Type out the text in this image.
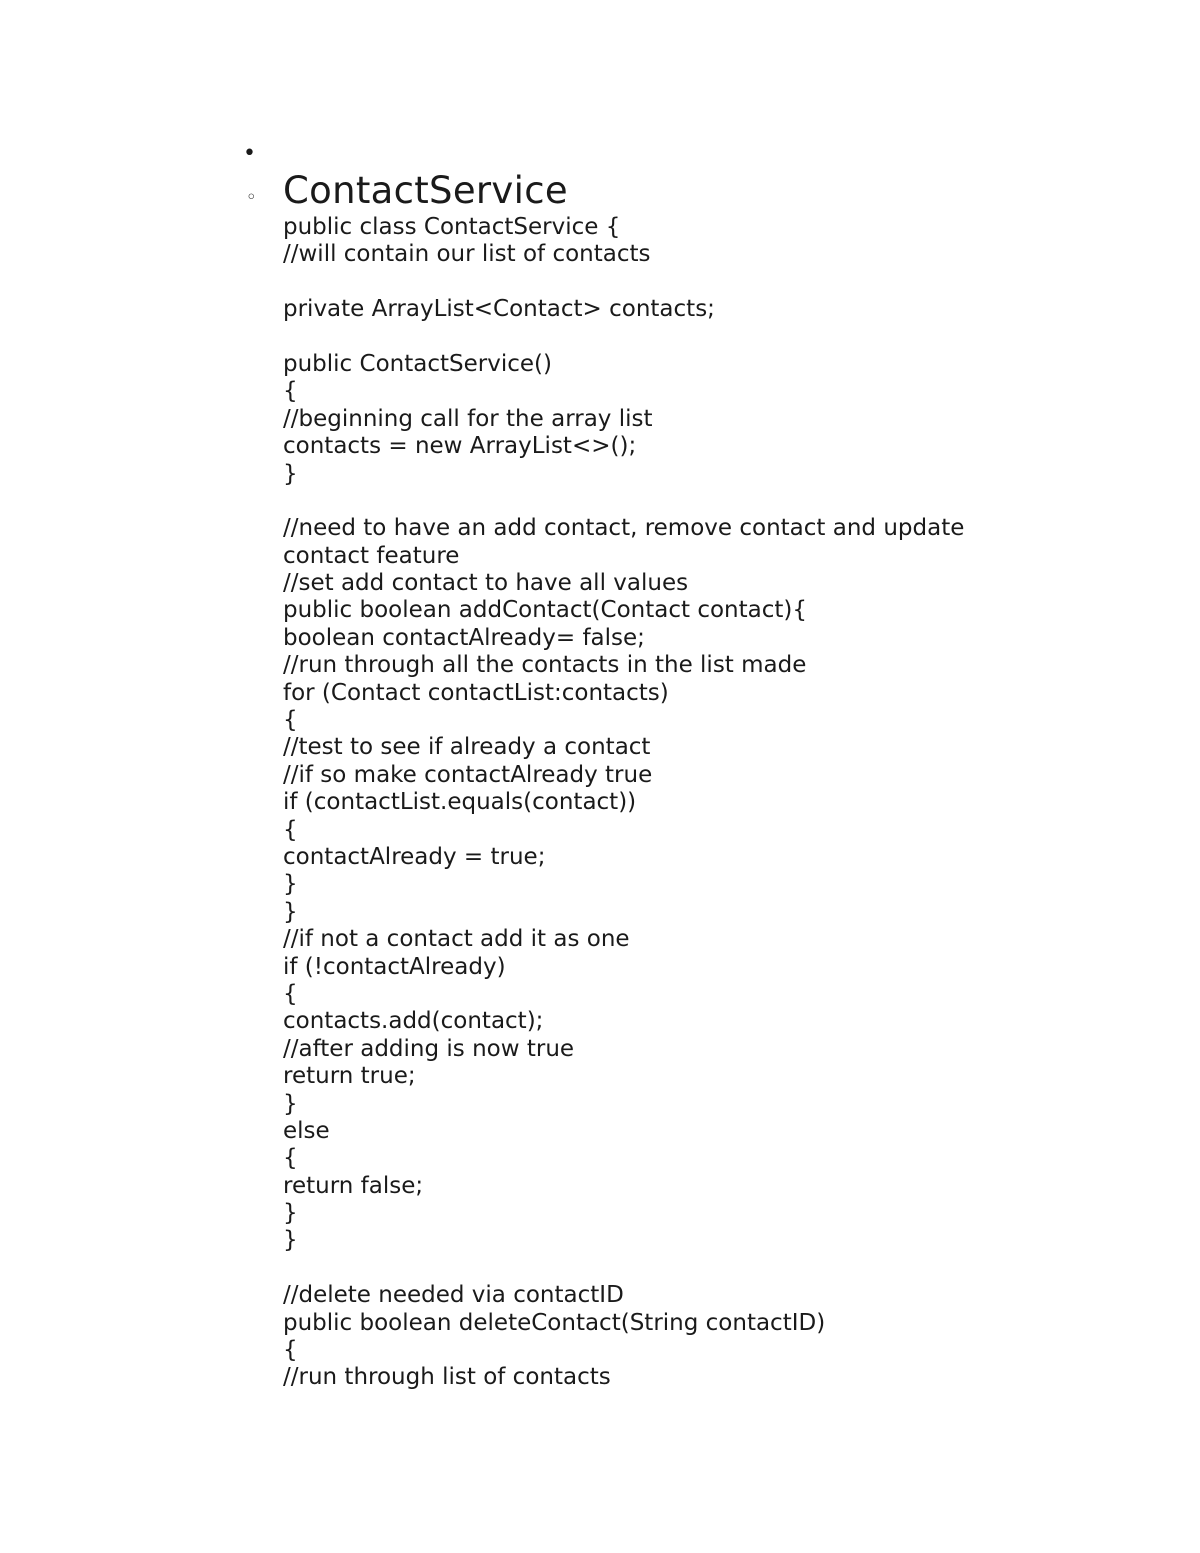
•
◦ ContactService
public class ContactService {
//will contain our list of contacts
private ArrayList<Contact> contacts;
public ContactService()
{
//beginning call for the array list
contacts = new ArrayList<>();
}
//need to have an add contact, remove contact and update
contact feature
//set add contact to have all values
public boolean addContact(Contact contact){
boolean contactAlready= false;
//run through all the contacts in the list made
for (Contact contactList:contacts)
{
//test to see if already a contact
//if so make contactAlready true
if (contactList.equals(contact))
{
contactAlready = true;
}
}
//if not a contact add it as one
if (!contactAlready)
{
contacts.add(contact);
//after adding is now true
return true;
}
else
{
return false;
}
}
//delete needed via contactID
public boolean deleteContact(String contactID)
{
//run through list of contacts
